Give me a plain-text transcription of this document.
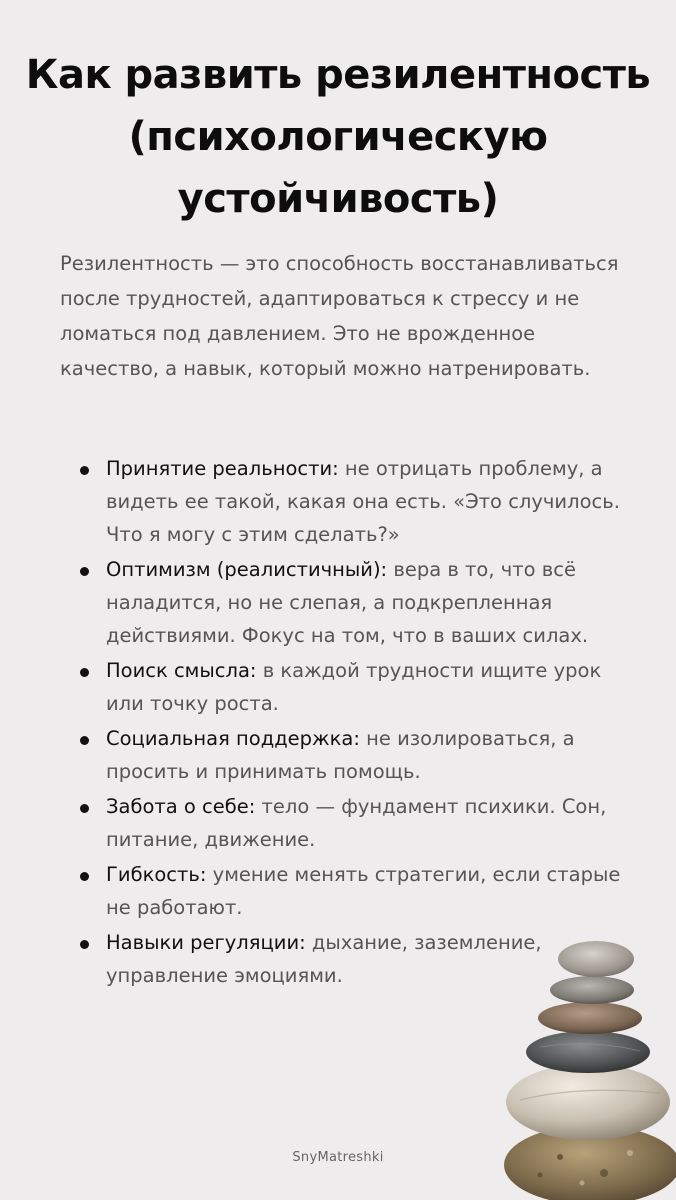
Как развить резилентность (психологическую устойчивость)

Резилентность — это способность восстанавливаться после трудностей, адаптироваться к стрессу и не ломаться под давлением. Это не врожденное качество, а навык, который можно натренировать.

Принятие реальности: не отрицать проблему, а видеть ее такой, какая она есть. «Это случилось. Что я могу с этим сделать?»
Оптимизм (реалистичный): вера в то, что всё наладится, но не слепая, а подкрепленная действиями. Фокус на том, что в ваших силах.
Поиск смысла: в каждой трудности ищите урок или точку роста.
Социальная поддержка: не изолироваться, а просить и принимать помощь.
Забота о себе: тело — фундамент психики. Сон, питание, движение.
Гибкость: умение менять стратегии, если старые не работают.
Навыки регуляции: дыхание, заземление, управление эмоциями.
SnyMatreshki
